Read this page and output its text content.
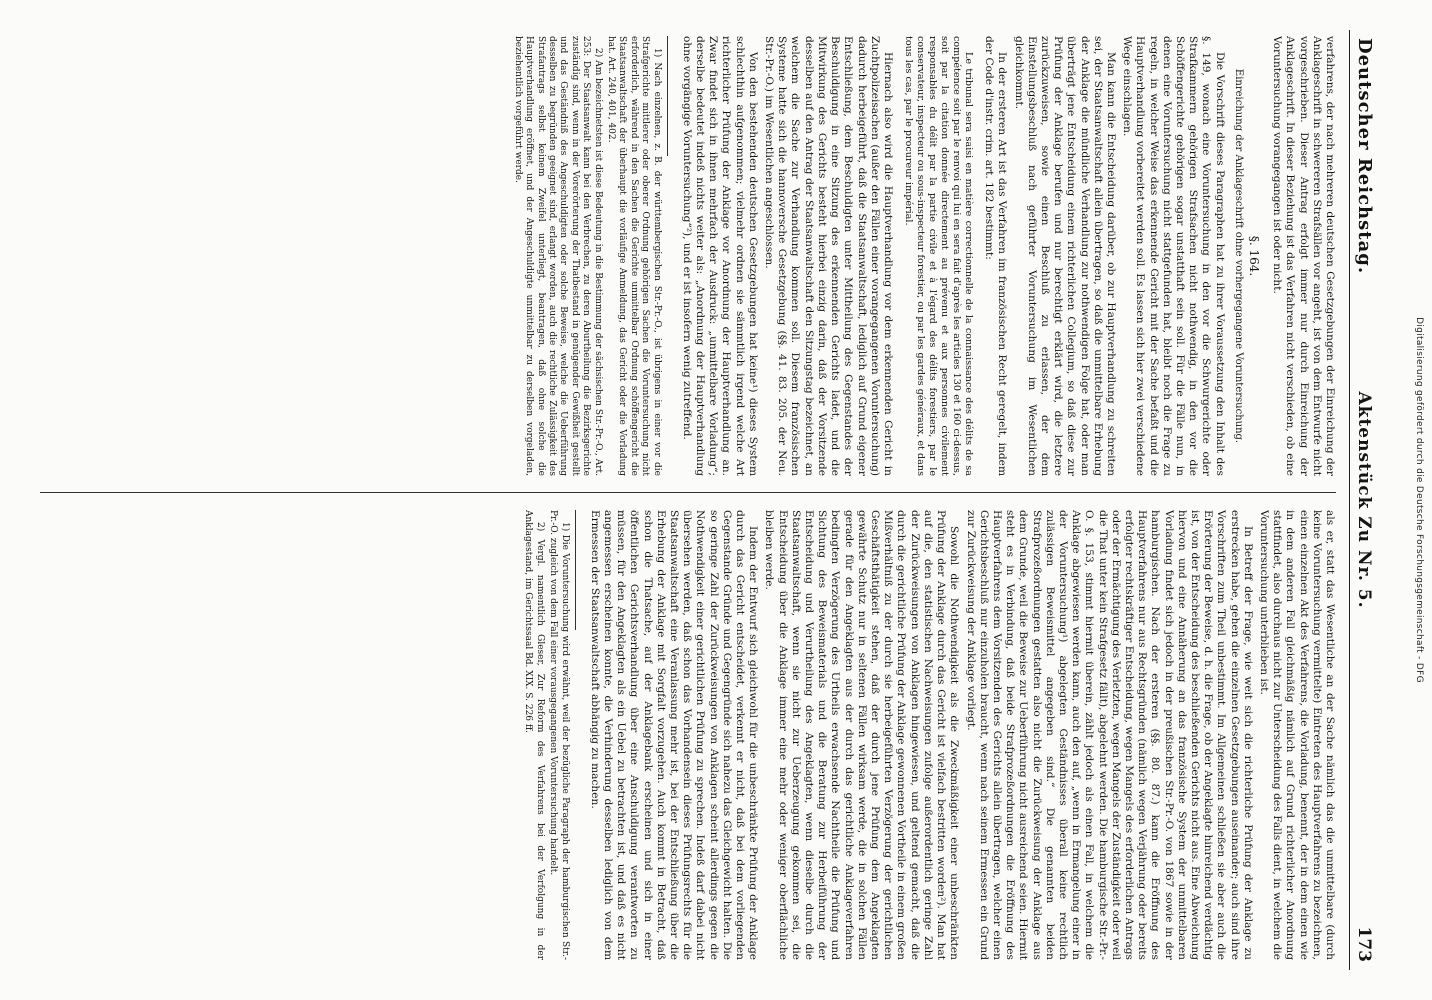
Digitalisierung gefördert durch die Deutsche Forschungsgemeinschaft - DFG
Deutscher Reichstag.
Aktenstück Zu Nr. 5.
173

verfahrens, der nach mehreren deutschen Gesetzgebungen der Einreichung der Anklageschrift in schwereren Strafsällen vor angeht, ist von dem Entwurfe nicht vorgeschrieben. Dieser Antrag erfolgt immer nur durch Einreichung der Anklageschrift. In dieser Beziehung ist das Verfahren nicht verschieden, ob eine Voruntersuchung vorangegangen ist oder nicht.

§. 164.
Einreichung der Anklageschrift ohne vorhergegangene Voruntersuchung.

Die Vorschrift dieses Paragraphen hat zu ihrer Voraussetzung den Inhalt des §. 149, wonach eine Voruntersuchung in den vor die Schwurgerichte oder Strafkammern gehörigen Strafsachen nicht nothwendig, in den vor die Schöffengerichte gehörigen sogar unstatthaft sein soll. Für die Fälle nun, in denen eine Voruntersuchung nicht stattgefunden hat, bleibt noch die Frage zu regeln, in welcher Weise das erkennende Gericht mit der Sache befaßt und die Hauptverhandlung vorbereitet werden soll. Es lassen sich hier zwei verschiedene Wege einschlagen.

Man kann die Entscheidung darüber, ob zur Hauptverhandlung zu schreiten sei, der Staatsanwaltschaft allein übertragen, so daß die unmittelbare Erhebung der Anklage die mündliche Verhandlung zur nothwendigen Folge hat, oder man überträgt jene Entscheidung einem richterlichen Collegium, so daß diese zur Prüfung der Anklage berufen und nur berechtigt erklärt wird, die letztere zurückzuweisen, sowie einen Beschluß zu erlassen, der dem Einstellungsbeschluß nach geführter Voruntersuchung im Wesentlichen gleichkommt.

In der ersteren Art ist das Verfahren im französischen Recht geregelt, indem der Code d'instr. crim. art. 182 bestimmt:

Le tribunal sera saisi en matière correctionnelle de la connaissance des délits de sa compétence soit par le renvoi qui lui en sera fait d'après les articles 130 et 160 ci-dessus, soit par la citation donnée directement au prévenu et aux personnes civilement responsables du délit par la partie civile et à l'égard des délits forestiers, par le conservateur, inspecteur ou sous-inspecteur forestier, ou par les gardes généraux, et dans tous les cas, par le procureur impérial.

Hiernach also wird die Hauptverhandlung vor dem erkennenden Gericht in Zuchtpolizeisachen (außer den Fällen einer vorangegangenen Voruntersuchung) dadurch herbeigeführt, daß die Staatsanwaltschaft, lediglich auf Grund eigener Entschließung, dem Beschuldigten unter Mittheilung des Gegenstandes der Beschuldigung in eine Sitzung des erkennenden Gerichts ladet, und die Mitwirkung des Gerichts besteht hierbei einzig darin, daß der Vorsitzende desselben auf den Antrag der Staatsanwaltschaft den Sitzungstag bezeichnet, an welchem die Sache zur Verhandlung kommen soll. Diesem französischen Systeme hatte sich die hannoversche Gesetzgebung (§§. 41. 83. 205. der Neu. Str.-Pr.-O.) im Wesentlichen angeschlossen.

Von den bestehenden deutschen Gesetzgebungen hat keine¹) dieses System schlechthin aufgenommen; vielmehr ordnen sie sämmtlich irgend welche Art richterlicher Prüfung der Anklage vor Anordnung der Hauptverhandlung an. Zwar findet sich in ihnen mehrfach der Ausdruck: „unmittelbare Vorladung“; derselbe bedeutet indeß nichts weiter als: „Anordnung der Hauptverhandlung ohne vorgängige Voruntersuchung“²), und er ist insofern wenig zutreffend.

1) Nach einzelnen, z. B. der württembergischen Str.-Pr.-O., ist übrigens in einer vor die Strafgerichte mittlerer oder oberer Ordnung gehörigen Sachen die Voruntersuchung nicht erforderlich, während in den Sachen die Gerichte unmittelbar Ordnung schöffengericht die Staatsanwaltschaft der überhaupt die vorläufige Anmeldung, das Gericht oder die Vorladung hat. Art. 240, 401, 402.

2) Am bezeichnetsten ist diese Bedeutung in die Bestimmung der sächsischen Str.-Pr.-O., Art. 253: Der Staatsanwalt kann bei den Verbrechen, zu deren Aburtheilung die Bezirksgerichte zuständig sind, wenn in der Vorerörterung der Thatbestand in genügender Gewißheit gestellt und das Geständniß des Angeschuldigten oder solche Beweise, welche die Ueberführung desselben zu begründen geeignet sind, erlangt worden, auch die rechtliche Zulässigkeit des Strafantrags selbst keinem Zweifel unterliegt, beantragen, daß ohne solche die Hauptverhandlung eröffnet, und der Angeschuldigte unmittelbar zu derselben vorgeladen, beziehentlich vorgeführt werde.

als er, statt das Wesentliche an der Sache nämlich das die unmittelbare (durch keine Voruntersuchung vermittelte) Eintreten des Hauptverfahrens zu bezeichnen, einen einzelnen Akt des Verfahrens, die Vorladung, benennt, der in dem einen wie in dem anderen Fall gleichmäßig nämlich auf Grund richterlicher Anordnung stattfindet, also durchaus nicht zur Unterscheidung des Falls dient, in welchem die Voruntersuchung unterblieben ist.

In Betreff der Frage, wie weit sich die richterliche Prüfung der Anklage zu erstrecken habe, gehen die einzelnen Gesetzgebungen auseinander; auch sind ihre Vorschriften zum Theil unbestimmt. Im Allgemeinen schließen sie aber auch die Erörterung der Beweise, d. h. die Frage, ob der Angeklagte hinreichend verdächtig ist, von der Entscheidung des beschließenden Gerichts nicht aus. Eine Abweichung hiervon und eine Annäherung an das französische System der unmittelbaren Vorladung findet sich jedoch in der preußischen Str.-Pr.-O. von 1867 sowie in der hamburgischen. Nach der ersteren (§§. 80. 87.) kann die Eröffnung des Hauptverfahrens nur aus Rechtsgründen (nämlich wegen Verjährung oder bereits erfolgter rechtskräftiger Entscheidung, wegen Mangels des erforderlichen Antrags oder der Ermächtigung des Verletzten, wegen Mangels der Zuständigkeit oder weil die That unter kein Strafgesetz fällt), abgelehnt werden. Die hamburgische Str.-Pr.-O. §. 153, stimmt hiermit überein, zählt jedoch als einen Fall, in welchem die Anklage abgewiesen werden kann, auch den auf, „wenn in Ermangelung einer in der Voruntersuchung¹) abgelegten Geständnisses überall keine rechtlich zulässigen Beweismittel angegeben sind.“ Die genannten beiden Strafprozeßordnungen gestatten also nicht die Zurückweisung der Anklage aus dem Grunde, weil die Beweise zur Ueberführung nicht ausreichend seien. Hiermit steht es in Verbindung, daß beide Strafprozeßordnungen die Eröffnung des Hauptverfahrens dem Vorsitzenden des Gerichts allein übertragen, welcher einen Gerichtsbeschluß nur einzuholen braucht, wenn nach seinem Ermessen ein Grund zur Zurückweisung der Anklage vorliegt.

Sowohl die Nothwendigkeit als die Zweckmäßigkeit einer unbeschränkten Prüfung der Anklage durch das Gericht ist vielfach bestritten worden²). Man hat auf die, den statistischen Nachweisungen zufolge außerordentlich geringe Zahl der Zurückweisungen von Anklagen hingewiesen, und geltend gemacht, daß die durch die gerichtliche Prüfung der Anklage gewonnenen Vortheile in einem großen Mißverhältniß zu der durch sie herbeigeführten Verzögerung der gerichtlichen Geschäftsthätigkeit stehen, daß der durch jene Prüfung dem Angeklagten gewährte Schutz nur in seltenen Fällen wirksam werde, die in solchen Fällen gerade für den Angeklagten aus der durch das gerichtliche Anklageverfahren bedingten Verzögerung des Urtheils erwachsende Nachtheile die Prüfung und Sichtung des Beweismaterials und die Beratung zur Herbeiführung der Entscheidung und Verurtheilung des Angeklagten, wenn dieselbe durch die Staatsanwaltschaft, wenn sie nicht zur Ueberzeugung gekommen sei, die Entscheidung über die Anklage immer eine mehr oder weniger oberflächliche bleiben werde.

Indem der Entwurf sich gleichwohl für die unbeschränkte Prüfung der Anklage durch das Gericht entscheidet, verkennt er nicht, daß bei dem vorliegenden Gegenstande Gründe und Gegengründe sich nahezu das Gleichgewicht halten. Die so geringe Zahl der Zurückweisungen von Anklagen scheint allerdings gegen die Nothwendigkeit einer gerichtlichen Prüfung zu sprechen. Indeß darf dabei nicht übersehen werden, daß schon das Vorhandensein dieses Prüfungsrechts für die Staatsanwaltschaft eine Veranlassung mehr ist, bei der Entschließung über die Erhebung der Anklage mit Sorgfalt vorzugehen. Auch kommt in Betracht, daß schon die Thatsache, auf der Anklagebank erscheinen und sich in einer öffentlichen Gerichtsverhandlung über eine Anschuldigung verantworten zu müssen, für den Angeklagten als ein Uebel zu betrachten ist, und daß es nicht angemessen erscheinen konnte, die Verhinderung desselben lediglich von dem Ermessen der Staatsanwaltschaft abhängig zu machen.

1) Die Voruntersuchung wird erwähnt, weil der bezügliche Paragraph der hamburgischen Str.-Pr.-O. zugleich von dem Fall einer vorausgegangenen Voruntersuchung handelt.

2) Vergl. namentlich Gleser, Zur Reform des Verfahrens bei der Verfolgung in der Anklagestand, im Gerichtssaal Bd. XIX. S. 226 ff.
